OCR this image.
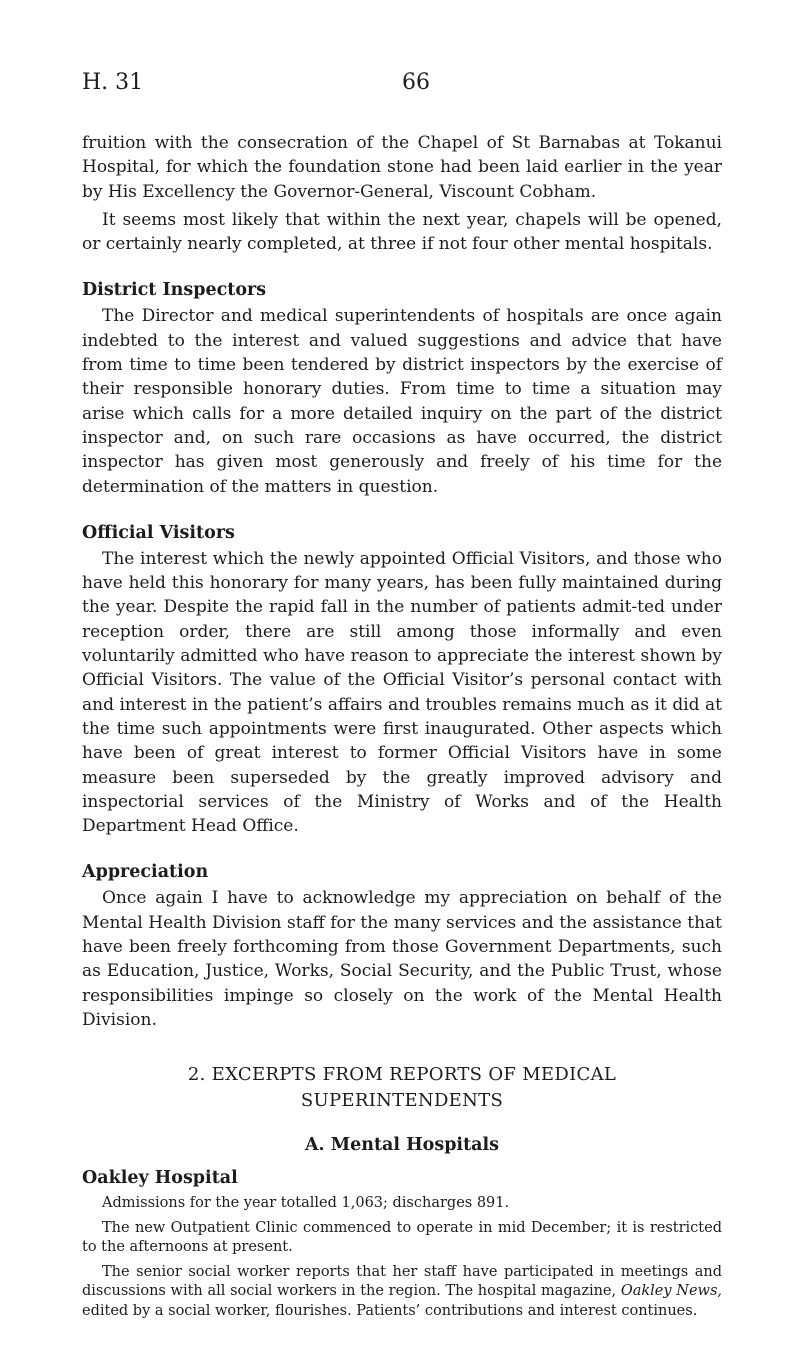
H. 31	66

fruition with the consecration of the Chapel of St Barnabas at Tokanui Hospital, for which the foundation stone had been laid earlier in the year by His Excellency the Governor-General, Viscount Cobham.

It seems most likely that within the next year, chapels will be opened, or certainly nearly completed, at three if not four other mental hospitals.

District Inspectors

The Director and medical superintendents of hospitals are once again indebted to the interest and valued suggestions and advice that have from time to time been tendered by district inspectors by the exercise of their responsible honorary duties. From time to time a situation may arise which calls for a more detailed inquiry on the part of the district inspector and, on such rare occasions as have occurred, the district inspector has given most generously and freely of his time for the determination of the matters in question.

Official Visitors

The interest which the newly appointed Official Visitors, and those who have held this honorary for many years, has been fully maintained during the year. Despite the rapid fall in the number of patients admit-ted under reception order, there are still among those informally and even voluntarily admitted who have reason to appreciate the interest shown by Official Visitors. The value of the Official Visitor’s personal contact with and interest in the patient’s affairs and troubles remains much as it did at the time such appointments were first inaugurated. Other aspects which have been of great interest to former Official Visitors have in some measure been superseded by the greatly improved advisory and inspectorial services of the Ministry of Works and of the Health Department Head Office.

Appreciation

Once again I have to acknowledge my appreciation on behalf of the Mental Health Division staff for the many services and the assistance that have been freely forthcoming from those Government Departments, such as Education, Justice, Works, Social Security, and the Public Trust, whose responsibilities impinge so closely on the work of the Mental Health Division.

2. EXCERPTS FROM REPORTS OF MEDICAL
SUPERINTENDENTS
A. Mental Hospitals
Oakley Hospital

Admissions for the year totalled 1,063; discharges 891.

The new Outpatient Clinic commenced to operate in mid December; it is restricted to the afternoons at present.

The senior social worker reports that her staff have participated in meetings and discussions with all social workers in the region. The hospital magazine, Oakley News, edited by a social worker, flourishes. Patients’ contributions and interest continues.
